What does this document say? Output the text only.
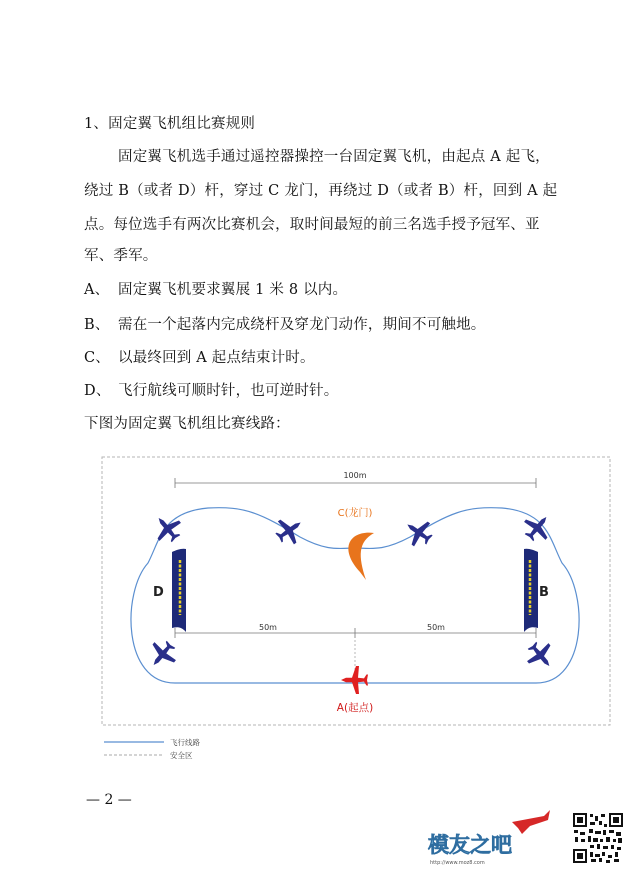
1、固定翼飞机组比赛规则
固定翼飞机选手通过遥控器操控一台固定翼飞机，由起点 A 起飞，
绕过 B（或者 D）杆，穿过 C 龙门，再绕过 D（或者 B）杆，回到 A 起
点。每位选手有两次比赛机会，取时间最短的前三名选手授予冠军、亚
军、季军。
A、 固定翼飞机要求翼展 1 米 8 以内。
B、 需在一个起落内完成绕杆及穿龙门动作，期间不可触地。
C、 以最终回到 A 起点结束计时。
D、 飞行航线可顺时针，也可逆时针。
下图为固定翼飞机组比赛线路：
100m
50m	50m
D	B
C(龙门)
A(起点)
飞行线路
安全区
— 2 —
模友之吧
http://www.moz8.com
